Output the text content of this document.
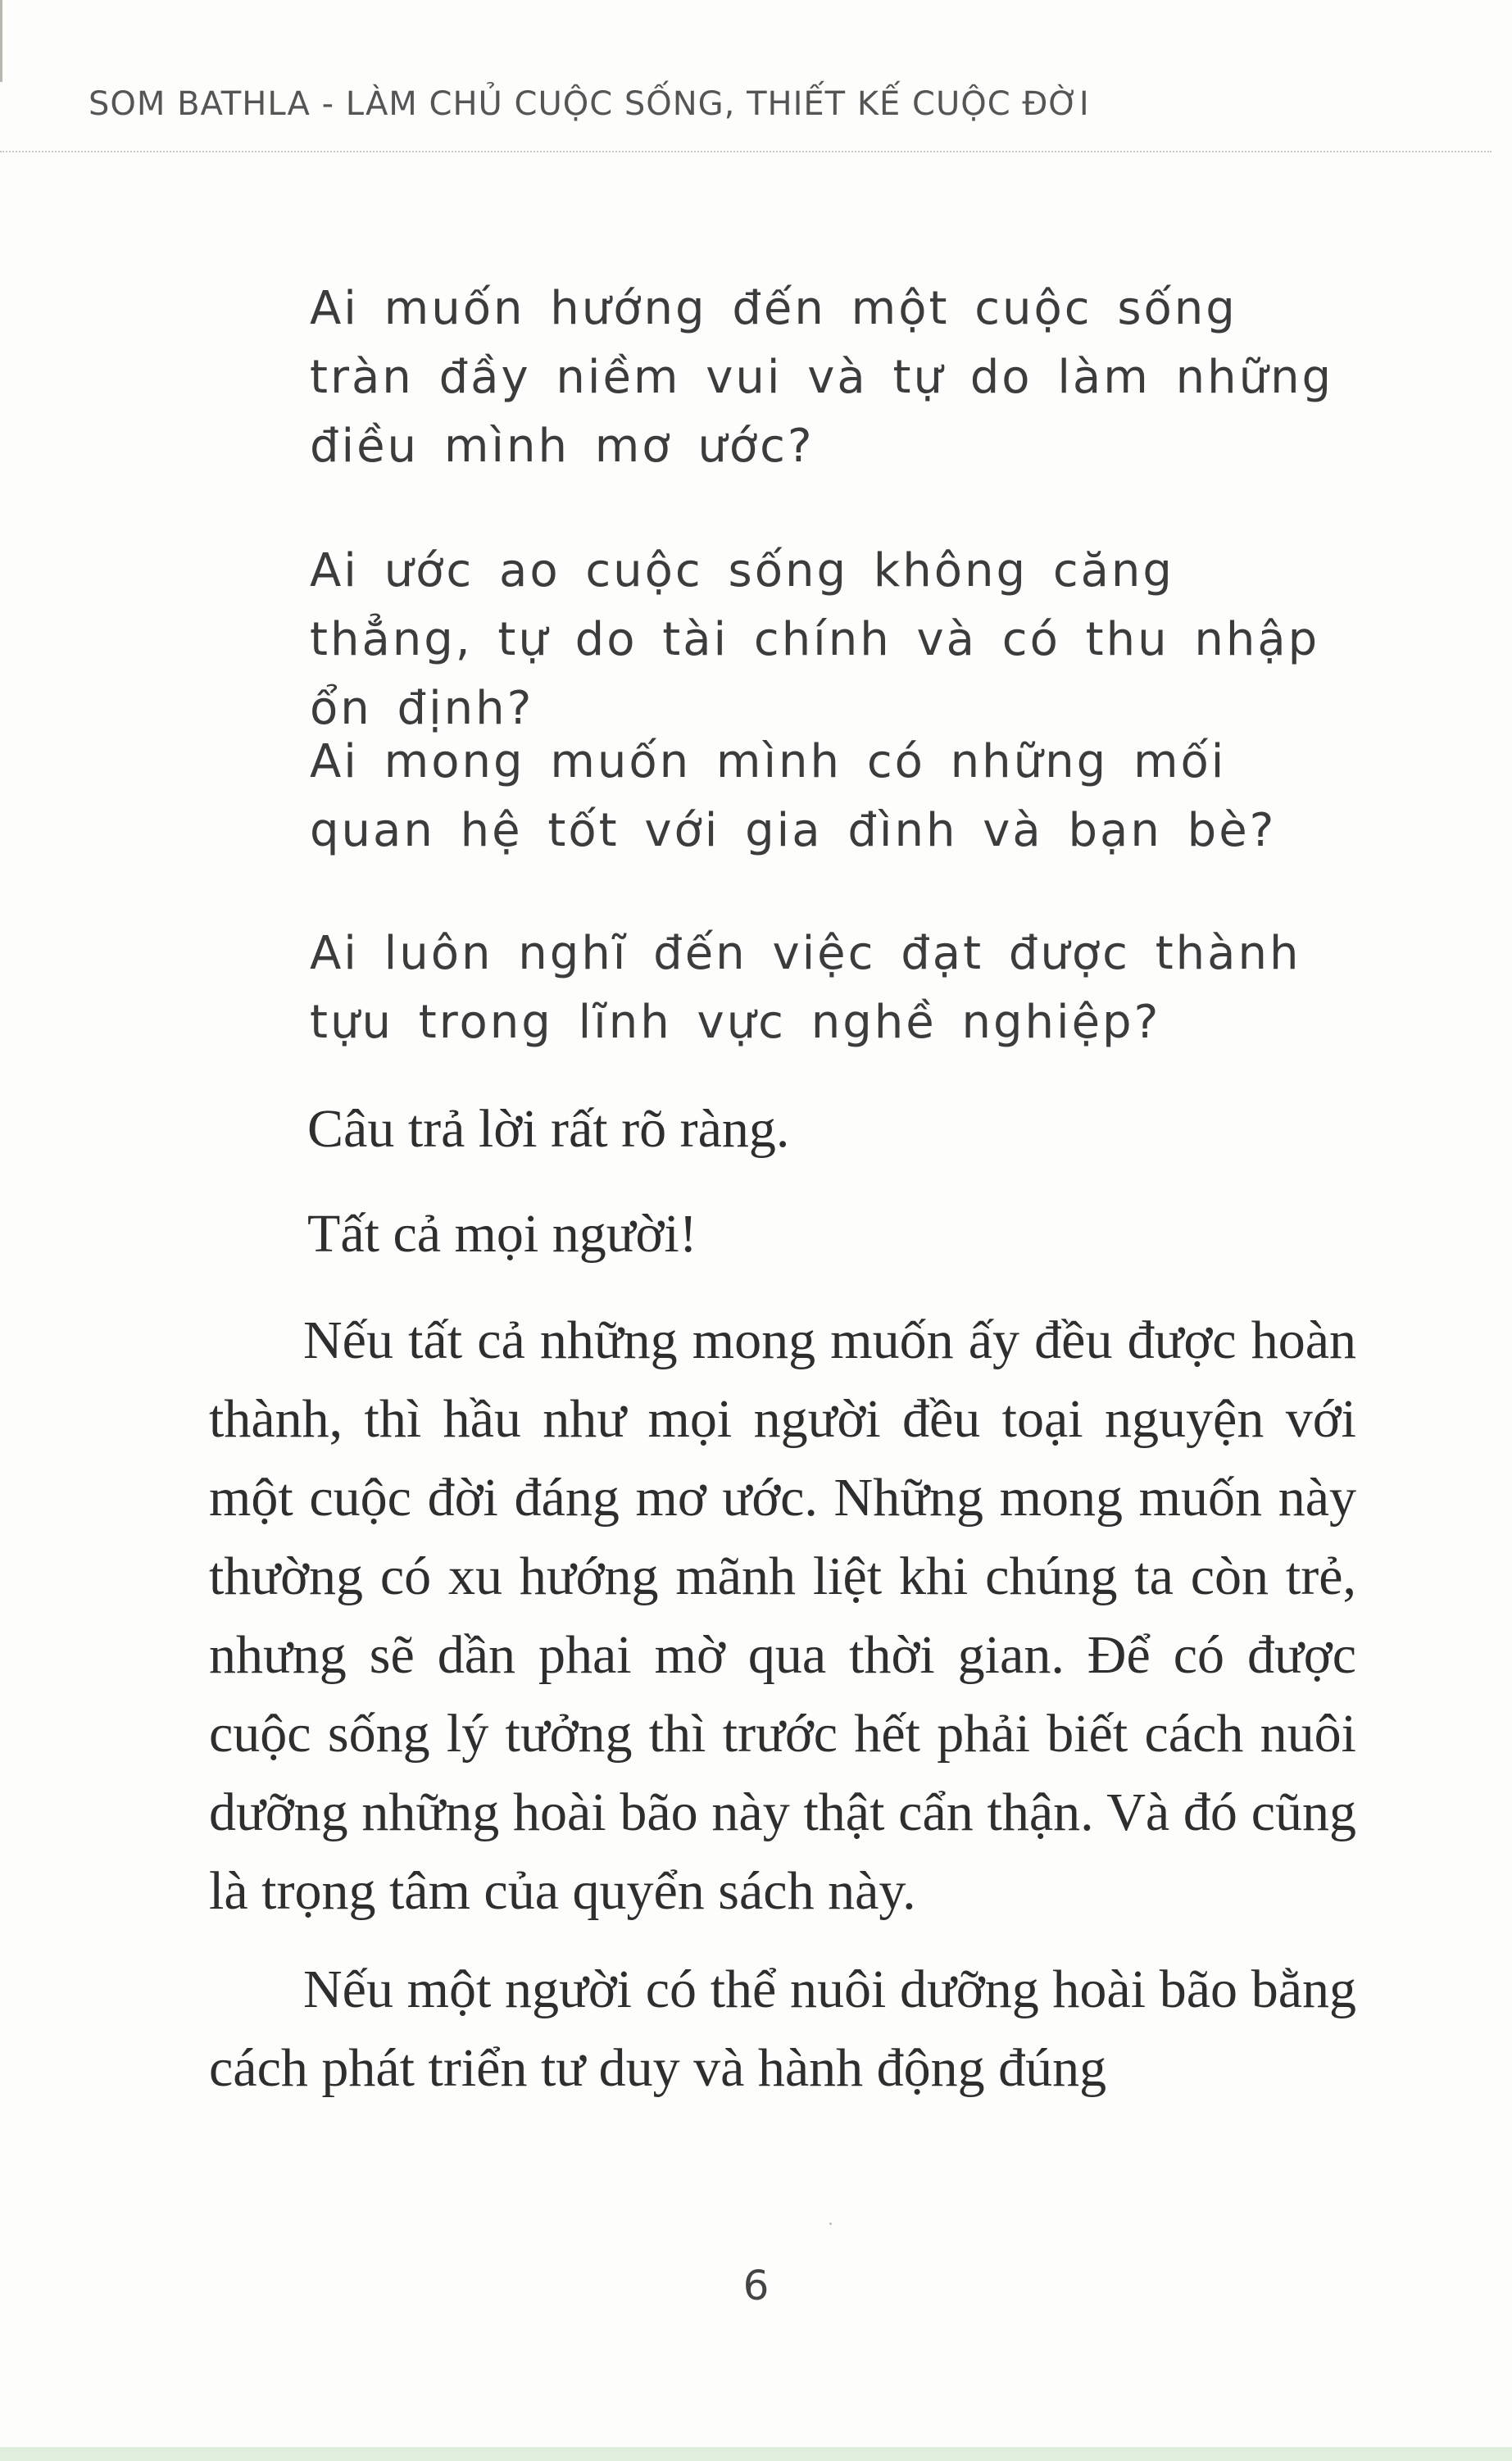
SOM BATHLA - LÀM CHỦ CUỘC SỐNG, THIẾT KẾ CUỘC ĐỜI

Ai muốn hướng đến một cuộc sống tràn đầy niềm vui và tự do làm những điều mình mơ ước?

Ai ước ao cuộc sống không căng thẳng, tự do tài chính và có thu nhập ổn định?

Ai mong muốn mình có những mối quan hệ tốt với gia đình và bạn bè?

Ai luôn nghĩ đến việc đạt được thành tựu trong lĩnh vực nghề nghiệp?

Câu trả lời rất rõ ràng.

Tất cả mọi người!

Nếu tất cả những mong muốn ấy đều được hoàn thành, thì hầu như mọi người đều toại nguyện với một cuộc đời đáng mơ ước. Những mong muốn này thường có xu hướng mãnh liệt khi chúng ta còn trẻ, nhưng sẽ dần phai mờ qua thời gian. Để có được cuộc sống lý tưởng thì trước hết phải biết cách nuôi dưỡng những hoài bão này thật cẩn thận. Và đó cũng là trọng tâm của quyển sách này.

Nếu một người có thể nuôi dưỡng hoài bão bằng cách phát triển tư duy và hành động đúng

6
